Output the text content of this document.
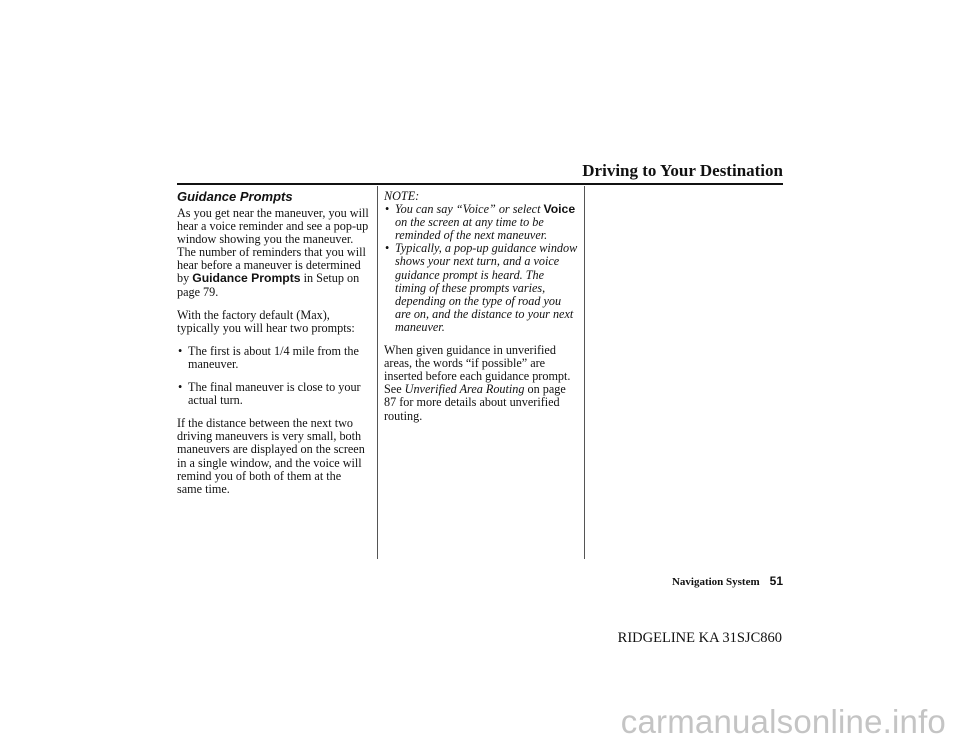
Driving to Your Destination
Guidance Prompts

As you get near the maneuver, you will hear a voice reminder and see a pop-up window showing you the maneuver. The number of reminders that you will hear before a maneuver is determined by Guidance Prompts in Setup on page 79.

With the factory default (Max), typically you will hear two prompts:

• The first is about 1/4 mile from the maneuver.
• The final maneuver is close to your actual turn.

If the distance between the next two driving maneuvers is very small, both maneuvers are displayed on the screen in a single window, and the voice will remind you of both of them at the same time.

NOTE:
• You can say “Voice” or select Voice on the screen at any time to be reminded of the next maneuver.
• Typically, a pop-up guidance window shows your next turn, and a voice guidance prompt is heard. The timing of these prompts varies, depending on the type of road you are on, and the distance to your next maneuver.

When given guidance in unverified areas, the words “if possible” are inserted before each guidance prompt. See Unverified Area Routing on page 87 for more details about unverified routing.

Navigation System 51
RIDGELINE KA 31SJC860
carmanualsonline.info
